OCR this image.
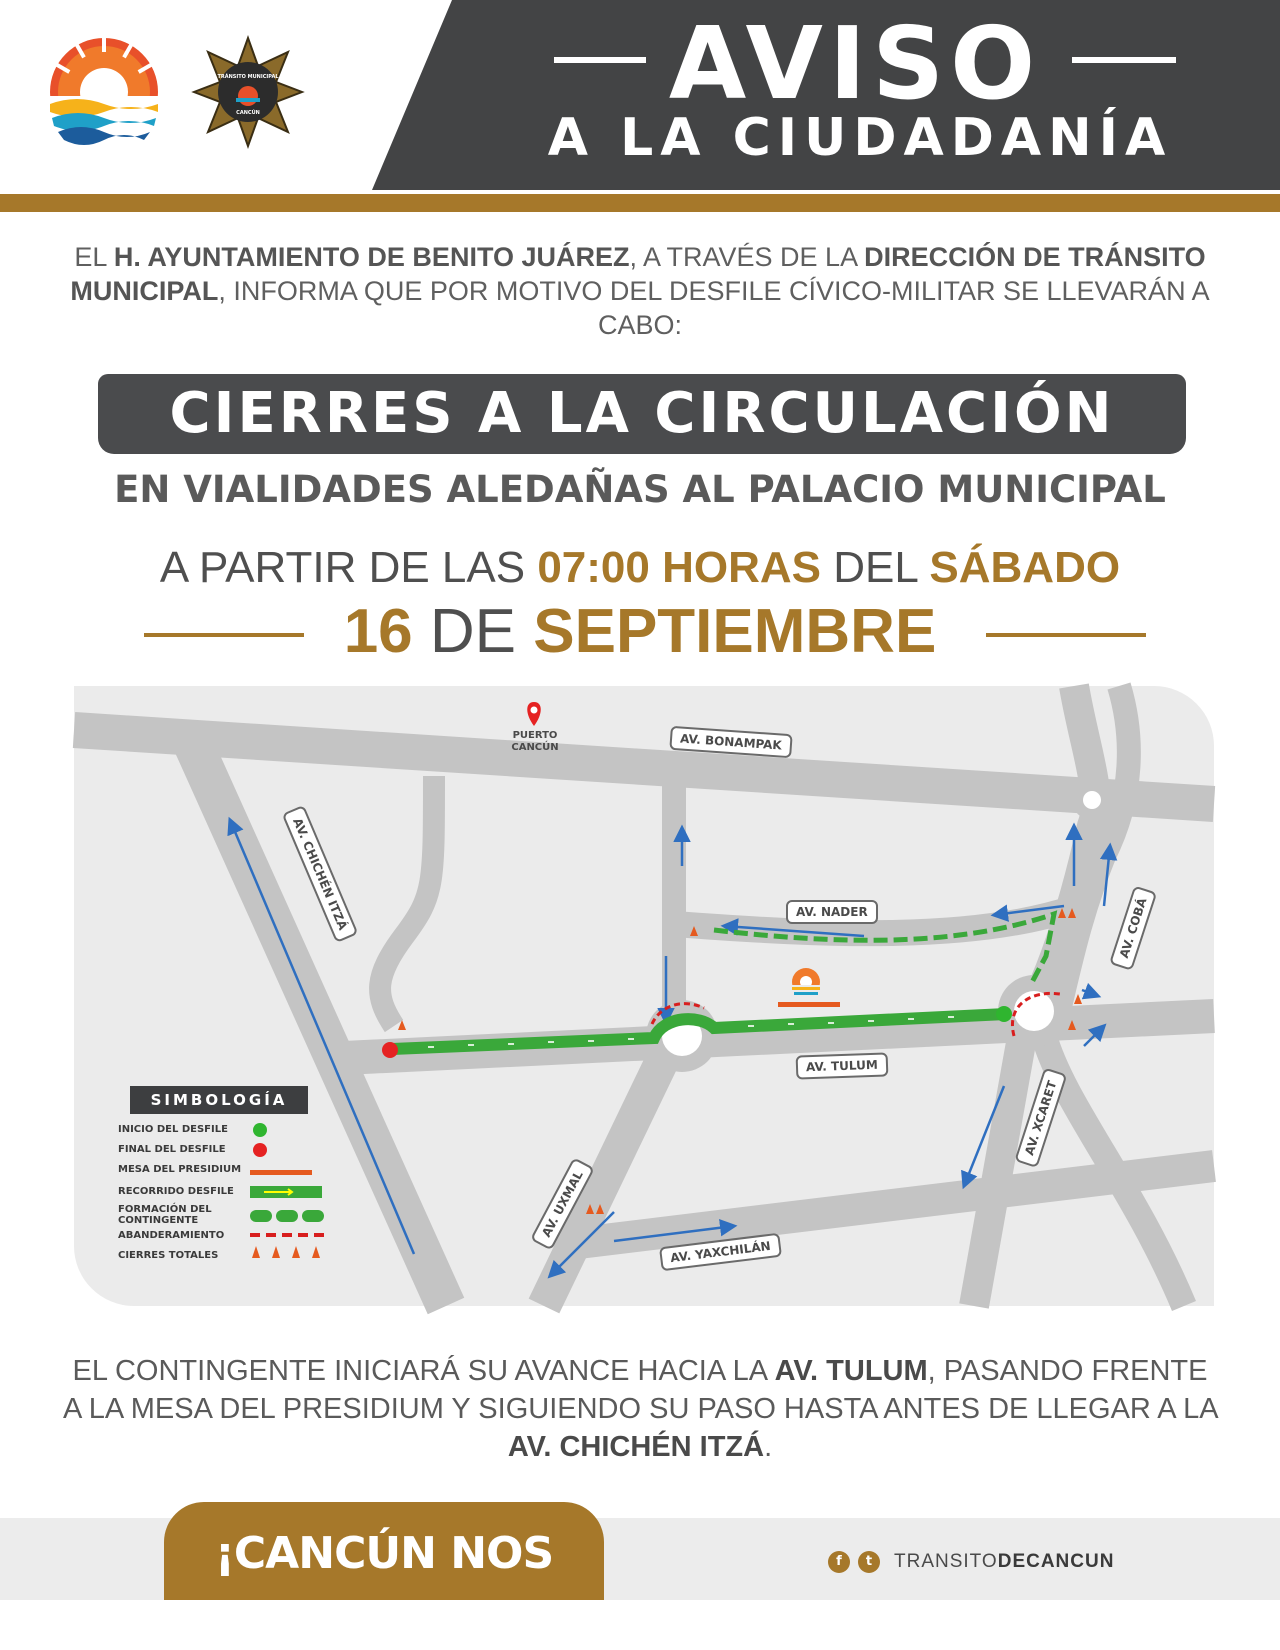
TRÁNSITO MUNICIPAL
CANCÚN	AVISO
A LA CIUDADANÍA
EL H. AYUNTAMIENTO DE BENITO JUÁREZ, A TRAVÉS DE LA DIRECCIÓN DE TRÁNSITO MUNICIPAL, INFORMA QUE POR MOTIVO DEL DESFILE CÍVICO-MILITAR SE LLEVARÁN A CABO:
CIERRES A LA CIRCULACIÓN
EN VIALIDADES ALEDAÑAS AL PALACIO MUNICIPAL
A PARTIR DE LAS 07:00 HORAS DEL SÁBADO
16 DE SEPTIEMBRE
PUERTO
CANCÚN	AV. BONAMPAK
AV. CHICHÉN ITZÁ	AV. NADER	AV. COBÁ
AV. TULUM
AV. XCARET
AV. UXMAL
AV. YAXCHILÁN
SIMBOLOGÍA
INICIO DEL DESFILE
FINAL DEL DESFILE
MESA DEL PRESIDIUM
RECORRIDO DESFILE
FORMACIÓN DEL
CONTINGENTE
ABANDERAMIENTO
CIERRES TOTALES
EL CONTINGENTE INICIARÁ SU AVANCE HACIA LA AV. TULUM, PASANDO FRENTE A LA MESA DEL PRESIDIUM Y SIGUIENDO SU PASO HASTA ANTES DE LLEGAR A LA AV. CHICHÉN ITZÁ.
¡CANCÚN NOS UNE!
f	t	TRANSITODECANCUN
